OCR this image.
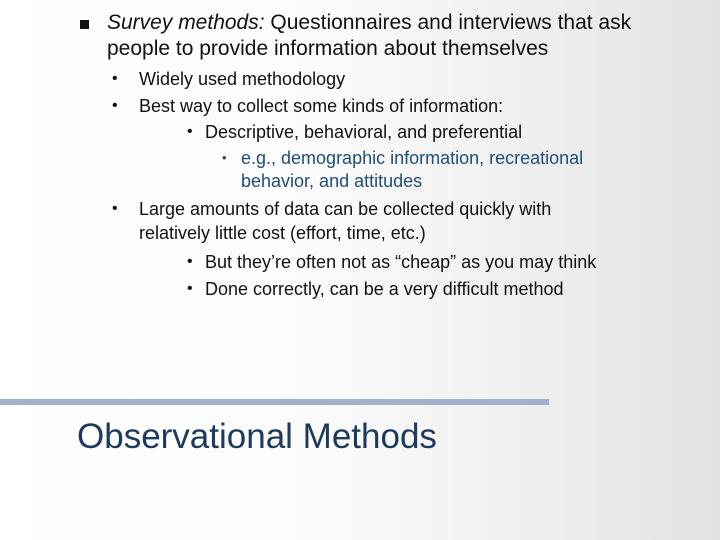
Survey methods: Questionnaires and interviews that ask people to provide information about themselves
• Widely used methodology
• Best way to collect some kinds of information:
• Descriptive, behavioral, and preferential
• e.g., demographic information, recreational behavior, and attitudes
• Large amounts of data can be collected quickly with
relatively little cost (effort, time, etc.)
• But they’re often not as “cheap” as you may think
• Done correctly, can be a very difficult method
Observational Methods
